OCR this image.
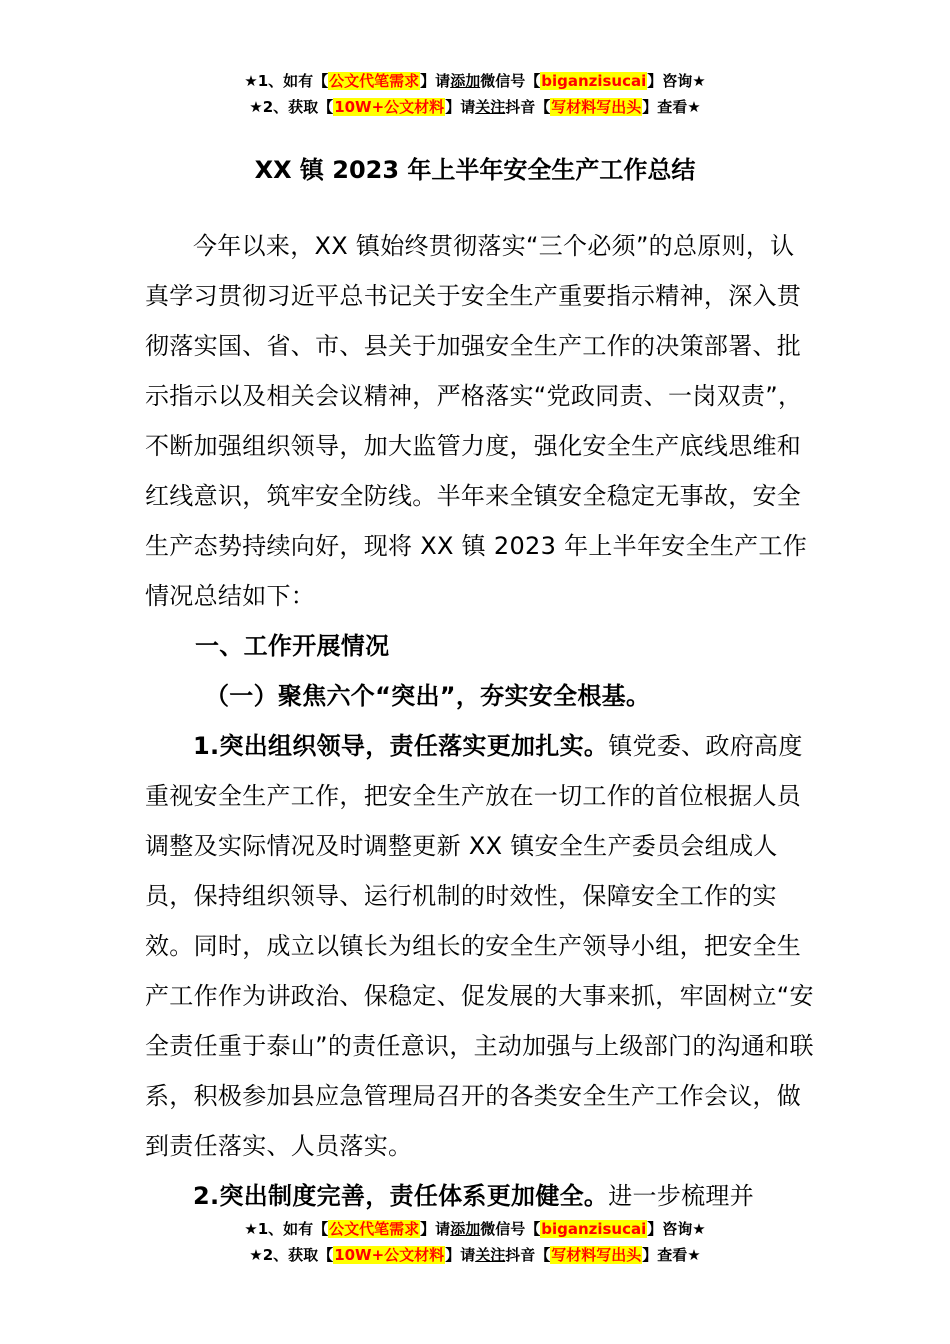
★1、如有【公文代笔需求】请添加微信号【biganzisucai】咨询★
★2、获取【10W+公文材料】请关注抖音【写材料写出头】查看★
XX 镇 2023 年上半年安全生产工作总结

今年以来，XX 镇始终贯彻落实“三个必须”的总原则，认真学习贯彻习近平总书记关于安全生产重要指示精神，深入贯彻落实国、省、市、县关于加强安全生产工作的决策部署、批示指示以及相关会议精神，严格落实“党政同责、一岗双责”，不断加强组织领导，加大监管力度，强化安全生产底线思维和红线意识，筑牢安全防线。半年来全镇安全稳定无事故，安全生产态势持续向好，现将 XX 镇 2023 年上半年安全生产工作情况总结如下：

一、工作开展情况

（一）聚焦六个“突出”，夯实安全根基。

1.突出组织领导，责任落实更加扎实。镇党委、政府高度重视安全生产工作，把安全生产放在一切工作的首位根据人员调整及实际情况及时调整更新 XX 镇安全生产委员会组成人员，保持组织领导、运行机制的时效性，保障安全工作的实效。同时，成立以镇长为组长的安全生产领导小组，把安全生产工作作为讲政治、保稳定、促发展的大事来抓，牢固树立“安全责任重于泰山”的责任意识，主动加强与上级部门的沟通和联系，积极参加县应急管理局召开的各类安全生产工作会议，做到责任落实、人员落实。

2.突出制度完善，责任体系更加健全。进一步梳理并

★1、如有【公文代笔需求】请添加微信号【biganzisucai】咨询★
★2、获取【10W+公文材料】请关注抖音【写材料写出头】查看★
